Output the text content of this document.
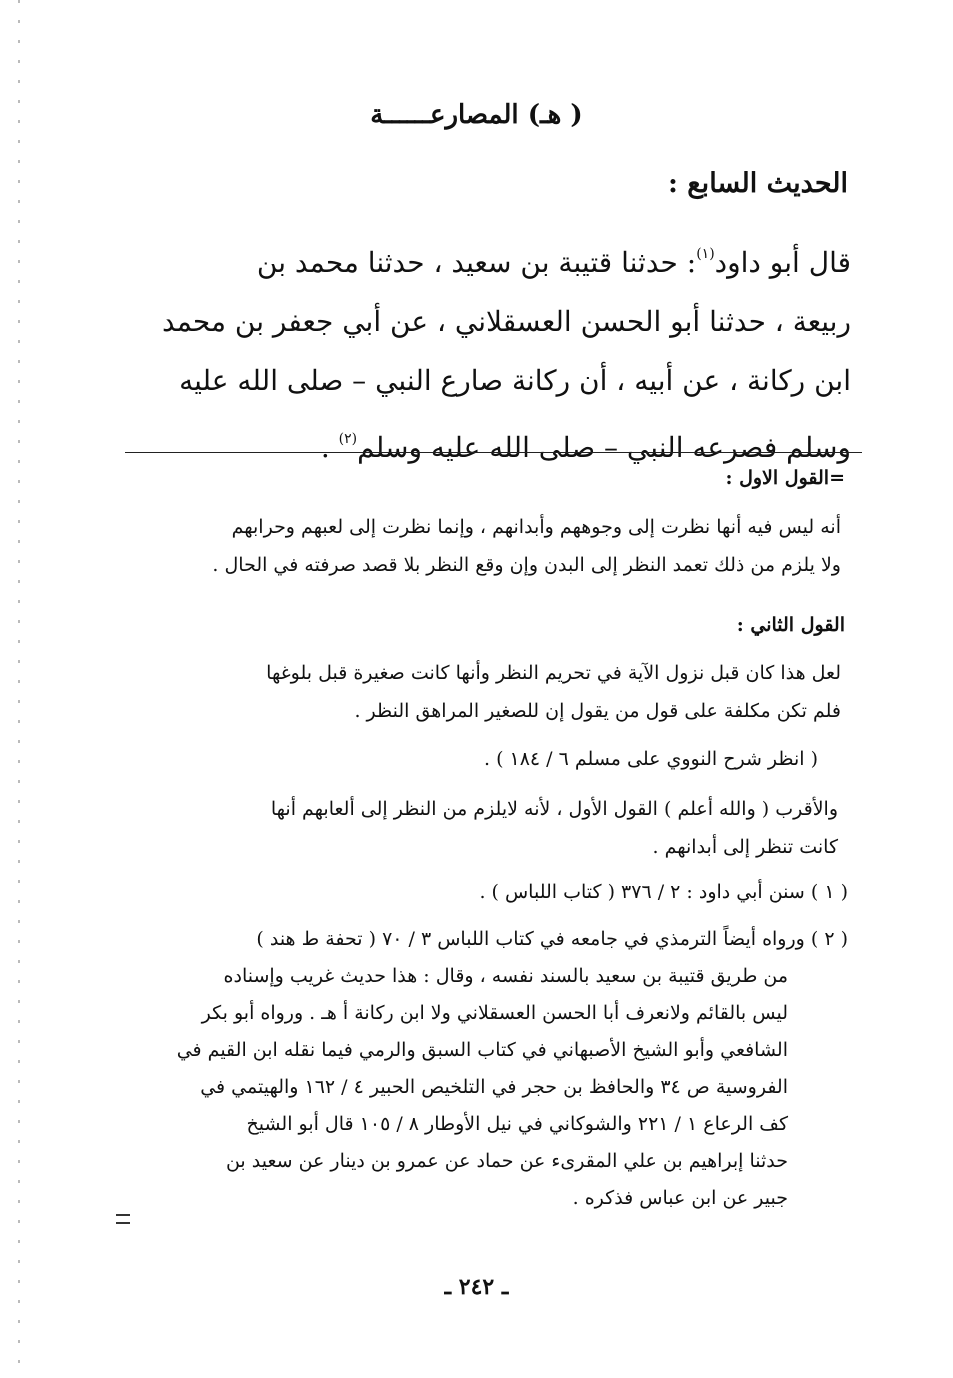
( هـ) المصارعــــــة
الحديث السابع :
قال أبو داود$^{(١)}$: حدثنا قتيبة بن سعيد ، حدثنا محمد بن
ربيعة ، حدثنا أبو الحسن العسقلاني ، عن أبي جعفر بن محمد
ابن ركانة ، عن أبيه ، أن ركانة صارع النبي – صلى الله عليه
وسلم فصرعه النبي – صلى الله عليه وسلم$^{(٢)}$ .
=القول الاول :
أنه ليس فيه أنها نظرت إلى وجوههم وأبدانهم ، وإنما نظرت إلى لعبهم وحرابهم
ولا يلزم من ذلك تعمد النظر إلى البدن وإن وقع النظر بلا قصد صرفته في الحال .
القول الثاني :
لعل هذا كان قبل نزول الآية في تحريم النظر وأنها كانت صغيرة قبل بلوغها
فلم تكن مكلفة على قول من يقول إن للصغير المراهق النظر .
( انظر شرح النووي على مسلم ٦ / ١٨٤ ) .
والأقرب ( والله أعلم ) القول الأول ، لأنه لايلزم من النظر إلى ألعابهم أنها
كانت تنظر إلى أبدانهم .
( ١ ) سنن أبي داود : ٢ / ٣٧٦ ( كتاب اللباس ) .
( ٢ ) ورواه أيضاً الترمذي في جامعه في كتاب اللباس ٣ / ٧٠ ( تحفة ط هند )
من طريق قتيبة بن سعيد بالسند نفسه ، وقال : هذا حديث غريب وإسناده
ليس بالقائم ولانعرف أبا الحسن العسقلاني ولا ابن ركانة أ هـ . ورواه أبو بكر
الشافعي وأبو الشيخ الأصبهاني في كتاب السبق والرمي فيما نقله ابن القيم في
الفروسية ص ٣٤ والحافظ بن حجر في التلخيص الحبير ٤ / ١٦٢ والهيتمي في
كف الرعاع ١ / ٢٢١ والشوكاني في نيل الأوطار ٨ / ١٠٥ قال أبو الشيخ
حدثنا إبراهيم بن علي المقرىء عن حماد عن عمرو بن دينار عن سعيد بن
جبير عن ابن عباس فذكره .
ـ ٢٤٢ ـ
